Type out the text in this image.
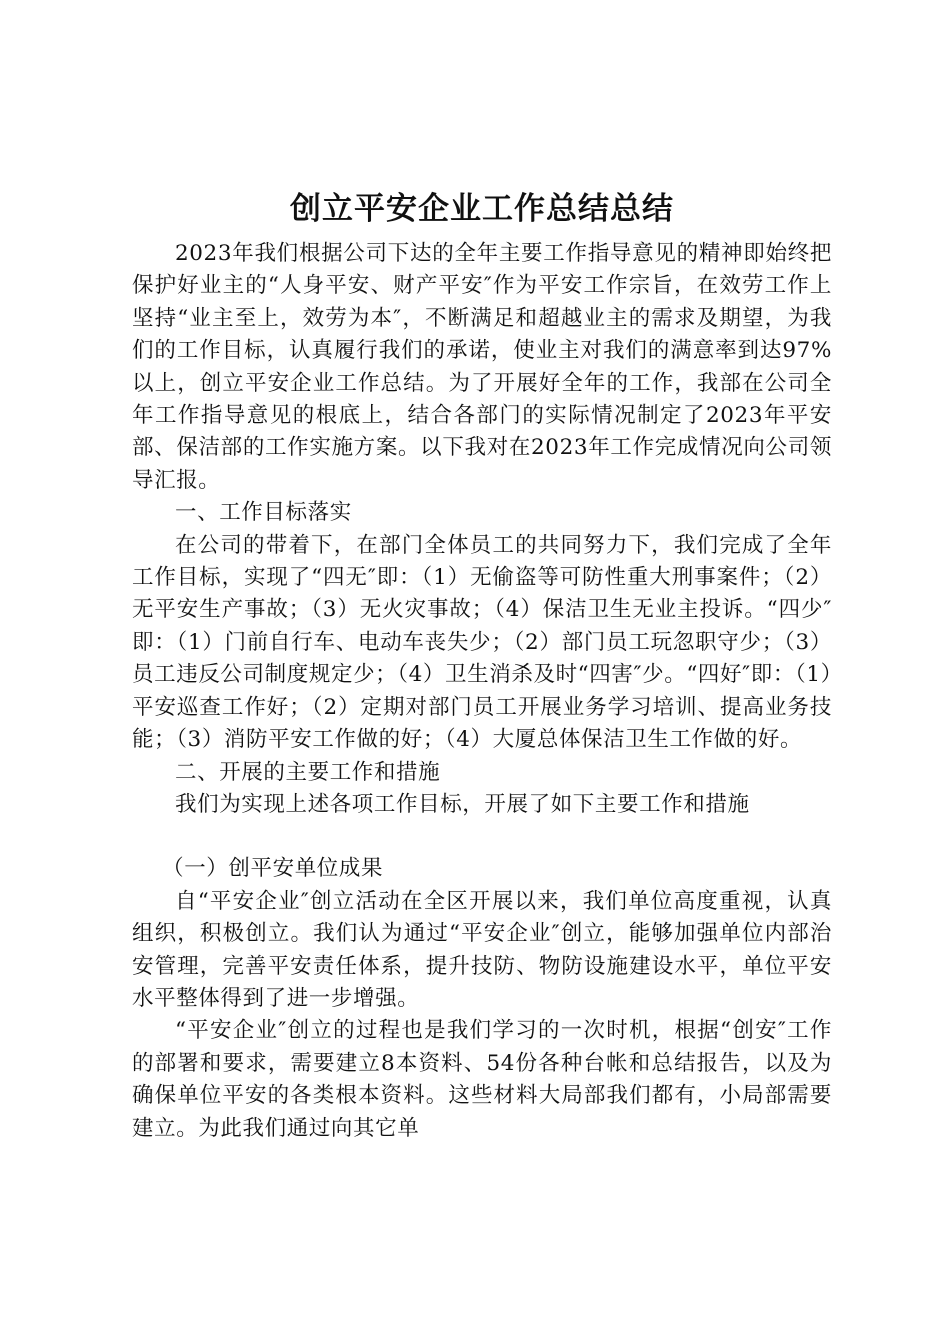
创立平安企业工作总结总结

2023年我们根据公司下达的全年主要工作指导意见的精神即始终把保护好业主的“人身平安、财产平安″作为平安工作宗旨，在效劳工作上坚持“业主至上，效劳为本″，不断满足和超越业主的需求及期望，为我们的工作目标，认真履行我们的承诺，使业主对我们的满意率到达97%以上，创立平安企业工作总结。为了开展好全年的工作，我部在公司全年工作指导意见的根底上，结合各部门的实际情况制定了2023年平安部、保洁部的工作实施方案。以下我对在2023年工作完成情况向公司领导汇报。

一、工作目标落实

在公司的带着下，在部门全体员工的共同努力下，我们完成了全年工作目标，实现了“四无″即：（1）无偷盗等可防性重大刑事案件；（2）无平安生产事故；（3）无火灾事故；（4）保洁卫生无业主投诉。“四少″即：（1）门前自行车、电动车丧失少；（2）部门员工玩忽职守少；（3）员工违反公司制度规定少；（4）卫生消杀及时“四害″少。“四好″即：（1）平安巡查工作好；（2）定期对部门员工开展业务学习培训、提高业务技能；（3）消防平安工作做的好；（4）大厦总体保洁卫生工作做的好。

二、开展的主要工作和措施

我们为实现上述各项工作目标，开展了如下主要工作和措施

（一）创平安单位成果

自“平安企业″创立活动在全区开展以来，我们单位高度重视，认真组织，积极创立。我们认为通过“平安企业″创立，能够加强单位内部治安管理，完善平安责任体系，提升技防、物防设施建设水平，单位平安水平整体得到了进一步增强。

“平安企业″创立的过程也是我们学习的一次时机，根据“创安″工作的部署和要求，需要建立8本资料、54份各种台帐和总结报告，以及为确保单位平安的各类根本资料。这些材料大局部我们都有，小局部需要建立。为此我们通过向其它单
